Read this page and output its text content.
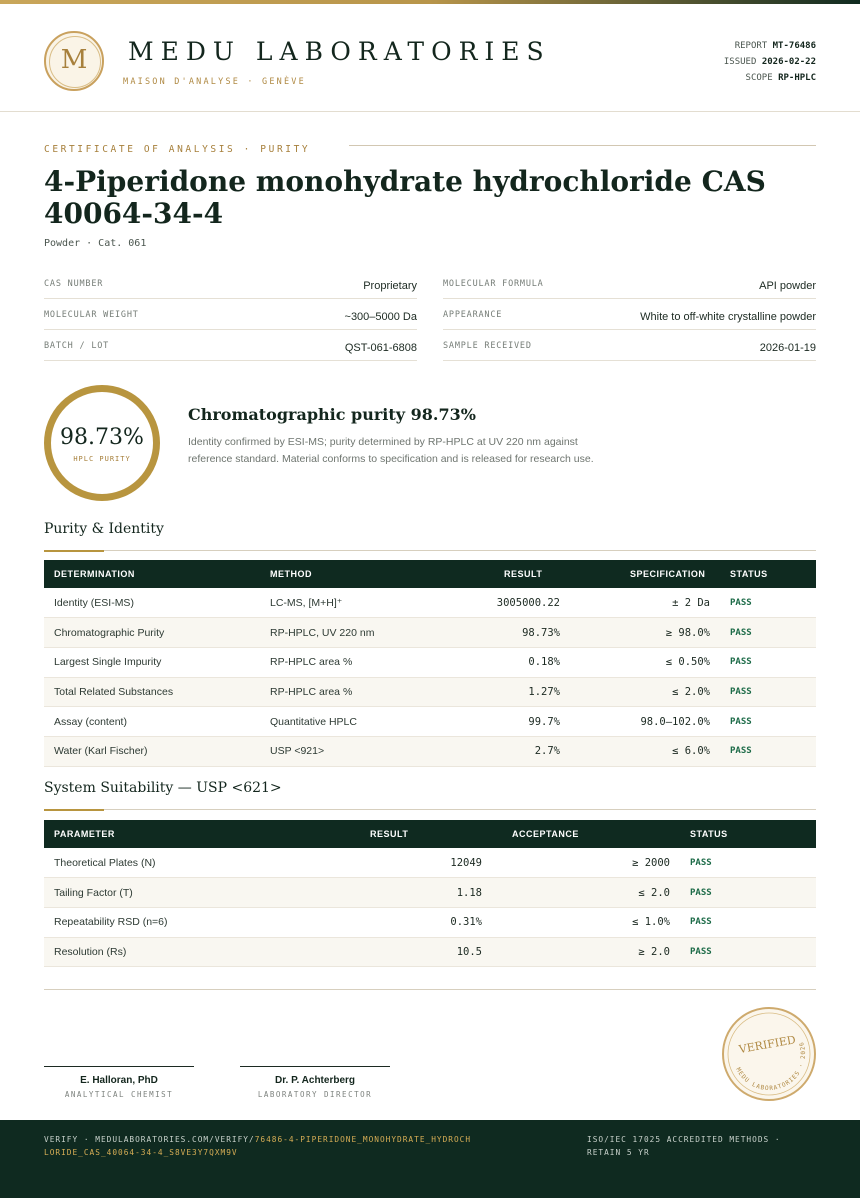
M	MEDU LABORATORIES
MAISON D'ANALYSE · GENÈVE
REPORT MT-76486
ISSUED 2026-02-22
SCOPE RP-HPLC
CERTIFICATE OF ANALYSIS · PURITY
4-Piperidone monohydrate hydrochloride CAS 40064-34-4
Powder · Cat. 061
CAS NUMBER	Proprietary
MOLECULAR WEIGHT	~300–5000 Da
BATCH / LOT	QST-061-6808
MOLECULAR FORMULA	API powder
APPEARANCE	White to off-white crystalline powder
SAMPLE RECEIVED	2026-01-19
98.73%
HPLC PURITY
Chromatographic purity 98.73%

Identity confirmed by ESI-MS; purity determined by RP-HPLC at UV 220 nm against reference standard. Material conforms to specification and is released for research use.

Purity & Identity
DETERMINATION	METHOD	RESULT	SPECIFICATION	STATUS
Identity (ESI-MS)	LC-MS, [M+H]⁺	3005000.22	± 2 Da	PASS
Chromatographic Purity	RP-HPLC, UV 220 nm	98.73%	≥ 98.0%	PASS
Largest Single Impurity	RP-HPLC area %	0.18%	≤ 0.50%	PASS
Total Related Substances	RP-HPLC area %	1.27%	≤ 2.0%	PASS
Assay (content)	Quantitative HPLC	99.7%	98.0–102.0%	PASS
Water (Karl Fischer)	USP <921>	2.7%	≤ 6.0%	PASS
System Suitability — USP <621>
PARAMETER	RESULT	ACCEPTANCE	STATUS
Theoretical Plates (N)	12049	≥ 2000	PASS
Tailing Factor (T)	1.18	≤ 2.0	PASS
Repeatability RSD (n=6)	0.31%	≤ 1.0%	PASS
Resolution (Rs)	10.5	≥ 2.0	PASS
E. Halloran, PhD
ANALYTICAL CHEMIST
Dr. P. Achterberg
LABORATORY DIRECTOR
VERIFIED
MEDU LABORATORIES · 2026
VERIFY · MEDULABORATORIES.COM/VERIFY/76486-4-PIPERIDONE_MONOHYDRATE_HYDROCHLORIDE_CAS_40064-34-4_S8VE3Y7QXM9V
ISO/IEC 17025 ACCREDITED METHODS · RETAIN 5 YR
